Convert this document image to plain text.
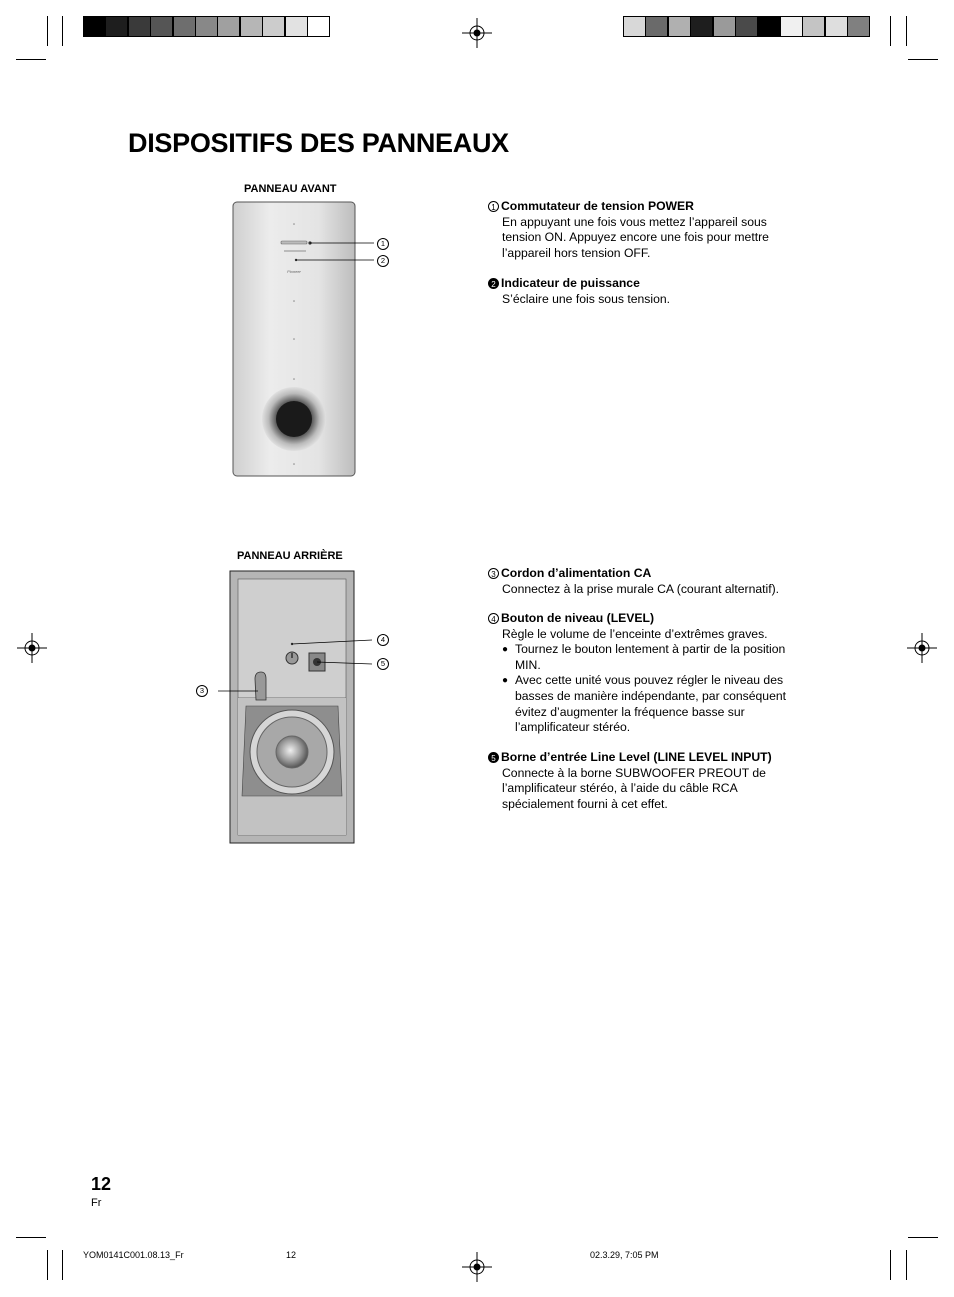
DISPOSITIFS DES PANNEAUX
PANNEAU AVANT
Pioneer
1
2
PANNEAU ARRIÈRE
4
5
3
1 Commutateur de tension POWER
En appuyant une fois vous mettez l’appareil sous
tension ON. Appuyez encore une fois pour mettre
l’appareil hors tension OFF.
2 Indicateur de puissance
S’éclaire une fois sous tension.
3 Cordon d’alimentation CA
Connectez à la prise murale CA (courant alternatif).
4 Bouton de niveau (LEVEL)
Règle le volume de l’enceinte d’extrêmes graves.
● Tournez le bouton lentement à partir de la position
MIN.
● Avec cette unité vous pouvez régler le niveau des
basses de manière indépendante, par conséquent
évitez d’augmenter la fréquence basse sur
l’amplificateur stéréo.
5 Borne d’entrée Line Level (LINE LEVEL INPUT)
Connecte à la borne SUBWOOFER PREOUT de
l’amplificateur stéréo, à l’aide du câble RCA
spécialement fourni à cet effet.
12
Fr
YOM0141C001.08.13_Fr	12	02.3.29, 7:05 PM
